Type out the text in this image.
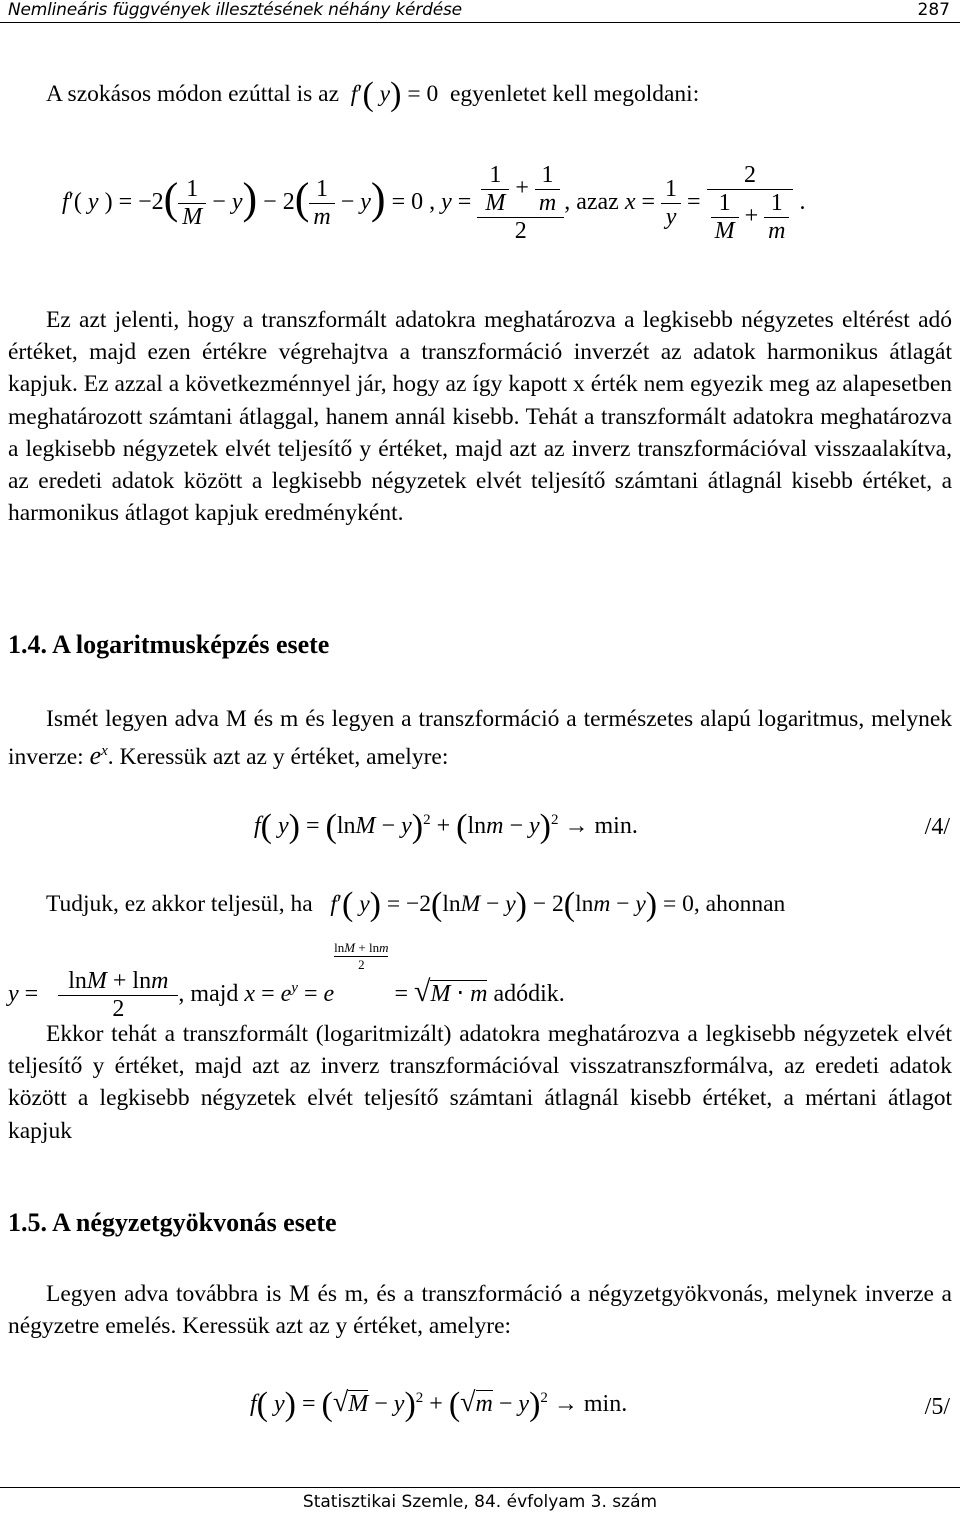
Nemlineáris függvények illesztésének néhány kérdése	287
A szokásos módon ezúttal is az f′( y) = 0  egyenletet kell megoldani:
f′( y ) = $-2( \frac{1}{M} - y) - 2( \frac{1}{m} - y) = 0$ , $y = \frac{\frac{1}{M} + \frac{1}{m}}{2}$ , azaz $x = \frac{1}{y} = \frac{2}{\frac{1}{M} + \frac{1}{m}}$ .

Ez azt jelenti, hogy a transzformált adatokra meghatározva a legkisebb négyzetes eltérést adó értéket, majd ezen értékre végrehajtva a transzformáció inverzét az adatok harmonikus átlagát kapjuk. Ez azzal a következménnyel jár, hogy az így kapott x érték nem egyezik meg az alapesetben meghatározott számtani átlaggal, hanem annál kisebb. Tehát a transzformált adatokra meghatározva a legkisebb négyzetek elvét teljesítő y értéket, majd azt az inverz transzformációval visszaalakítva, az eredeti adatok között a legkisebb négyzetek elvét teljesítő számtani átlagnál kisebb értéket, a harmonikus átlagot kapjuk eredményként.

1.4. A logaritmusképzés esete
Ismét legyen adva M és m és legyen a transzformáció a természetes alapú logaritmus, melynek inverze: $e^x$. Keressük azt az y értéket, amelyre:
f( $y) = (\ln M - y)^2 + (\ln m - y)^2 \to \min$.	/4/
Tudjuk, ez akkor teljesül, ha f′( y) = −2(lnM − y) − 2(lnm − y) = 0, ahonnan
$y = \frac{\ln M + \ln m}{2}$ , majd $x = e^y = e$
$\frac{\ln M + \ln m}{2}$
= √M ⋅ m adódik.

Ekkor tehát a transzformált (logaritmizált) adatokra meghatározva a legkisebb négyzetek elvét teljesítő y értéket, majd azt az inverz transzformációval visszatranszformálva, az eredeti adatok között a legkisebb négyzetek elvét teljesítő számtani átlagnál kisebb értéket, a mértani átlagot kapjuk

1.5. A négyzetgyökvonás esete

Legyen adva továbbra is M és m, és a transzformáció a négyzetgyökvonás, melynek inverze a négyzetre emelés. Keressük azt az y értéket, amelyre:

f( $y) = (√M - y)^2 + (√m - y)^2 \to \min$.	/5/
Statisztikai Szemle, 84. évfolyam 3. szám
